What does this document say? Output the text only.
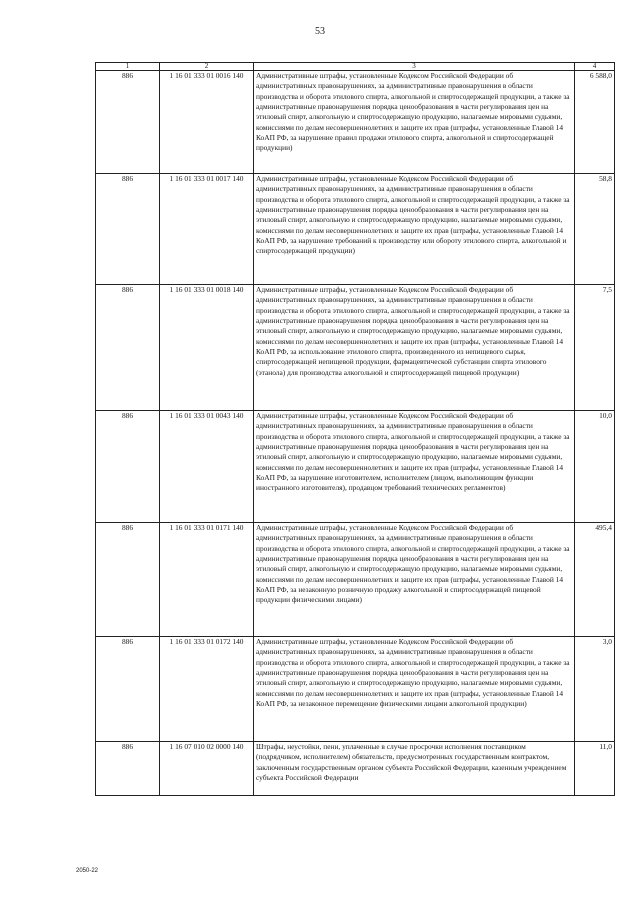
53
1	2	3	4
886	1 16 01 333 01 0016 140	Административные штрафы, установленные Кодексом Российской Федерации об административных правонарушениях, за административные правонарушения в области производства и оборота этилового спирта, алкогольной и спиртосодержащей продукции, а также за административные правонарушения порядка ценообразования в части регулирования цен на этиловый спирт, алкогольную и спиртосодержащую продукцию, налагаемые мировыми судьями, комиссиями по делам несовершеннолетних и защите их прав (штрафы, установленные Главой 14 КоАП РФ, за нарушение правил продажи этилового спирта, алкогольной и спиртосодержащей продукции)	6 588,0
886	1 16 01 333 01 0017 140	Административные штрафы, установленные Кодексом Российской Федерации об административных правонарушениях, за административные правонарушения в области производства и оборота этилового спирта, алкогольной и спиртосодержащей продукции, а также за административные правонарушения порядка ценообразования в части регулирования цен на этиловый спирт, алкогольную и спиртосодержащую продукцию, налагаемые мировыми судьями, комиссиями по делам несовершеннолетних и защите их прав (штрафы, установленные Главой 14 КоАП РФ, за нарушение требований к производству или обороту этилового спирта, алкогольной и спиртосодержащей продукции)	58,8
886	1 16 01 333 01 0018 140	Административные штрафы, установленные Кодексом Российской Федерации об административных правонарушениях, за административные правонарушения в области производства и оборота этилового спирта, алкогольной и спиртосодержащей продукции, а также за административные правонарушения порядка ценообразования в части регулирования цен на этиловый спирт, алкогольную и спиртосодержащую продукцию, налагаемые мировыми судьями, комиссиями по делам несовершеннолетних и защите их прав (штрафы, установленные Главой 14 КоАП РФ, за использование этилового спирта, произведенного из непищевого сырья, спиртосодержащей непищевой продукции, фармацевтической субстанции спирта этилового (этанола) для производства алкогольной и спиртосодержащей пищевой продукции)	7,5
886	1 16 01 333 01 0043 140	Административные штрафы, установленные Кодексом Российской Федерации об административных правонарушениях, за административные правонарушения в области производства и оборота этилового спирта, алкогольной и спиртосодержащей продукции, а также за административные правонарушения порядка ценообразования в части регулирования цен на этиловый спирт, алкогольную и спиртосодержащую продукцию, налагаемые мировыми судьями, комиссиями по делам несовершеннолетних и защите их прав (штрафы, установленные Главой 14 КоАП РФ, за нарушение изготовителем, исполнителем (лицом, выполняющим функции иностранного изготовителя), продавцом требований технических регламентов)	10,0
886	1 16 01 333 01 0171 140	Административные штрафы, установленные Кодексом Российской Федерации об административных правонарушениях, за административные правонарушения в области производства и оборота этилового спирта, алкогольной и спиртосодержащей продукции, а также за административные правонарушения порядка ценообразования в части регулирования цен на этиловый спирт, алкогольную и спиртосодержащую продукцию, налагаемые мировыми судьями, комиссиями по делам несовершеннолетних и защите их прав (штрафы, установленные Главой 14 КоАП РФ, за незаконную розничную продажу алкогольной и спиртосодержащей пищевой продукции физическими лицами)	495,4
886	1 16 01 333 01 0172 140	Административные штрафы, установленные Кодексом Российской Федерации об административных правонарушениях, за административные правонарушения в области производства и оборота этилового спирта, алкогольной и спиртосодержащей продукции, а также за административные правонарушения порядка ценообразования в части регулирования цен на этиловый спирт, алкогольную и спиртосодержащую продукцию, налагаемые мировыми судьями, комиссиями по делам несовершеннолетних и защите их прав (штрафы, установленные Главой 14 КоАП РФ, за незаконное перемещение физическими лицами алкогольной продукции)	3,0
886	1 16 07 010 02 0000 140	Штрафы, неустойки, пени, уплаченные в случае просрочки исполнения поставщиком (подрядчиком, исполнителем) обязательств, предусмотренных государственным контрактом, заключенным государственным органом субъекта Российской Федерации, казенным учреждением субъекта Российской Федерации	11,0
2050-22
